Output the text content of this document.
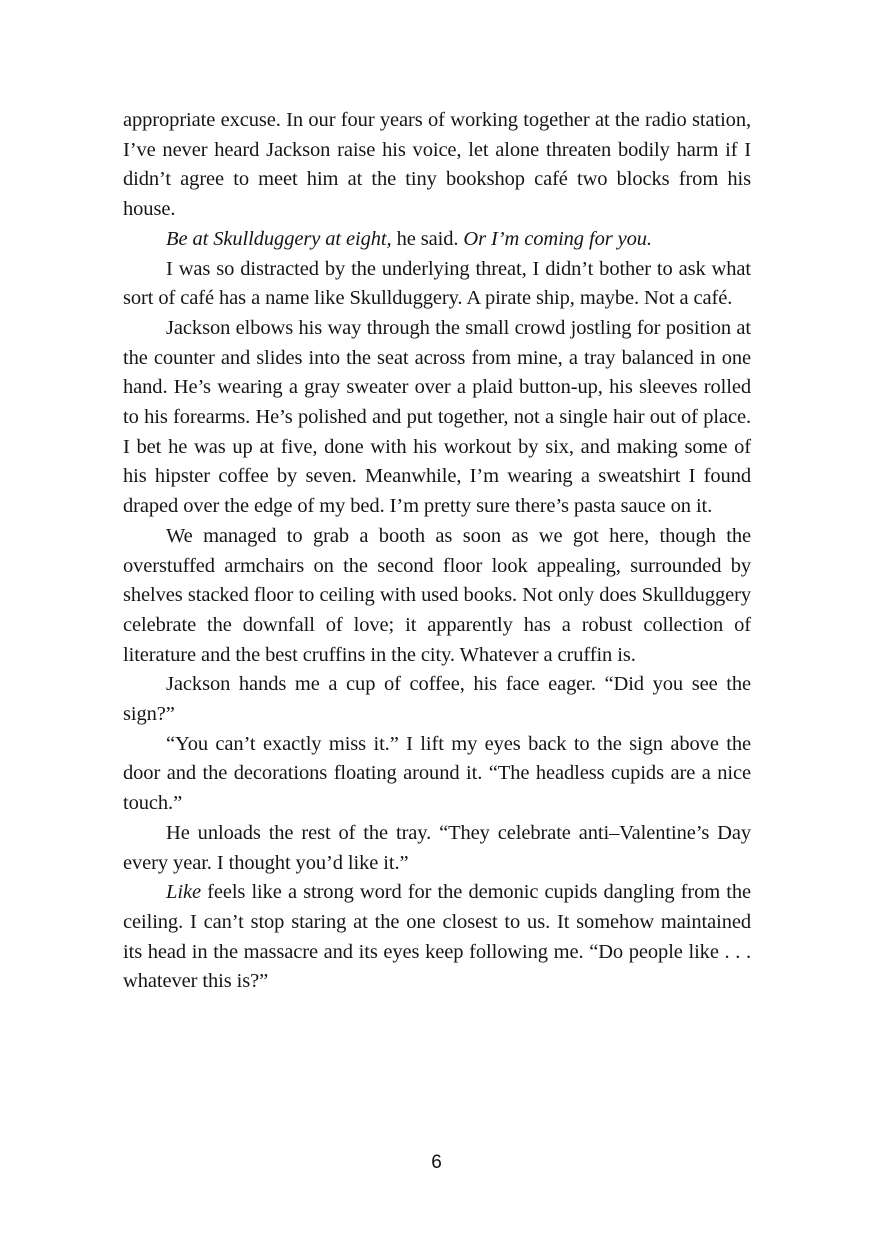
appropriate excuse. In our four years of working together at the radio station, I’ve never heard Jackson raise his voice, let alone threaten bodily harm if I didn’t agree to meet him at the tiny bookshop café two blocks from his house.

Be at Skullduggery at eight, he said. Or I’m coming for you.

I was so distracted by the underlying threat, I didn’t bother to ask what sort of café has a name like Skullduggery. A pirate ship, maybe. Not a café.

Jackson elbows his way through the small crowd jostling for position at the counter and slides into the seat across from mine, a tray balanced in one hand. He’s wearing a gray sweater over a plaid button-up, his sleeves rolled to his forearms. He’s polished and put together, not a single hair out of place. I bet he was up at five, done with his workout by six, and making some of his hipster coffee by seven. Meanwhile, I’m wearing a sweatshirt I found draped over the edge of my bed. I’m pretty sure there’s pasta sauce on it.

We managed to grab a booth as soon as we got here, though the overstuffed armchairs on the second floor look appealing, surrounded by shelves stacked floor to ceiling with used books. Not only does Skullduggery celebrate the downfall of love; it apparently has a robust collection of literature and the best cruffins in the city. Whatever a cruffin is.

Jackson hands me a cup of coffee, his face eager. “Did you see the sign?”

“You can’t exactly miss it.” I lift my eyes back to the sign above the door and the decorations floating around it. “The headless cupids are a nice touch.”

He unloads the rest of the tray. “They celebrate anti–Valentine’s Day every year. I thought you’d like it.”

Like feels like a strong word for the demonic cupids dangling from the ceiling. I can’t stop staring at the one closest to us. It somehow maintained its head in the massacre and its eyes keep following me. “Do people like . . . whatever this is?”

6
